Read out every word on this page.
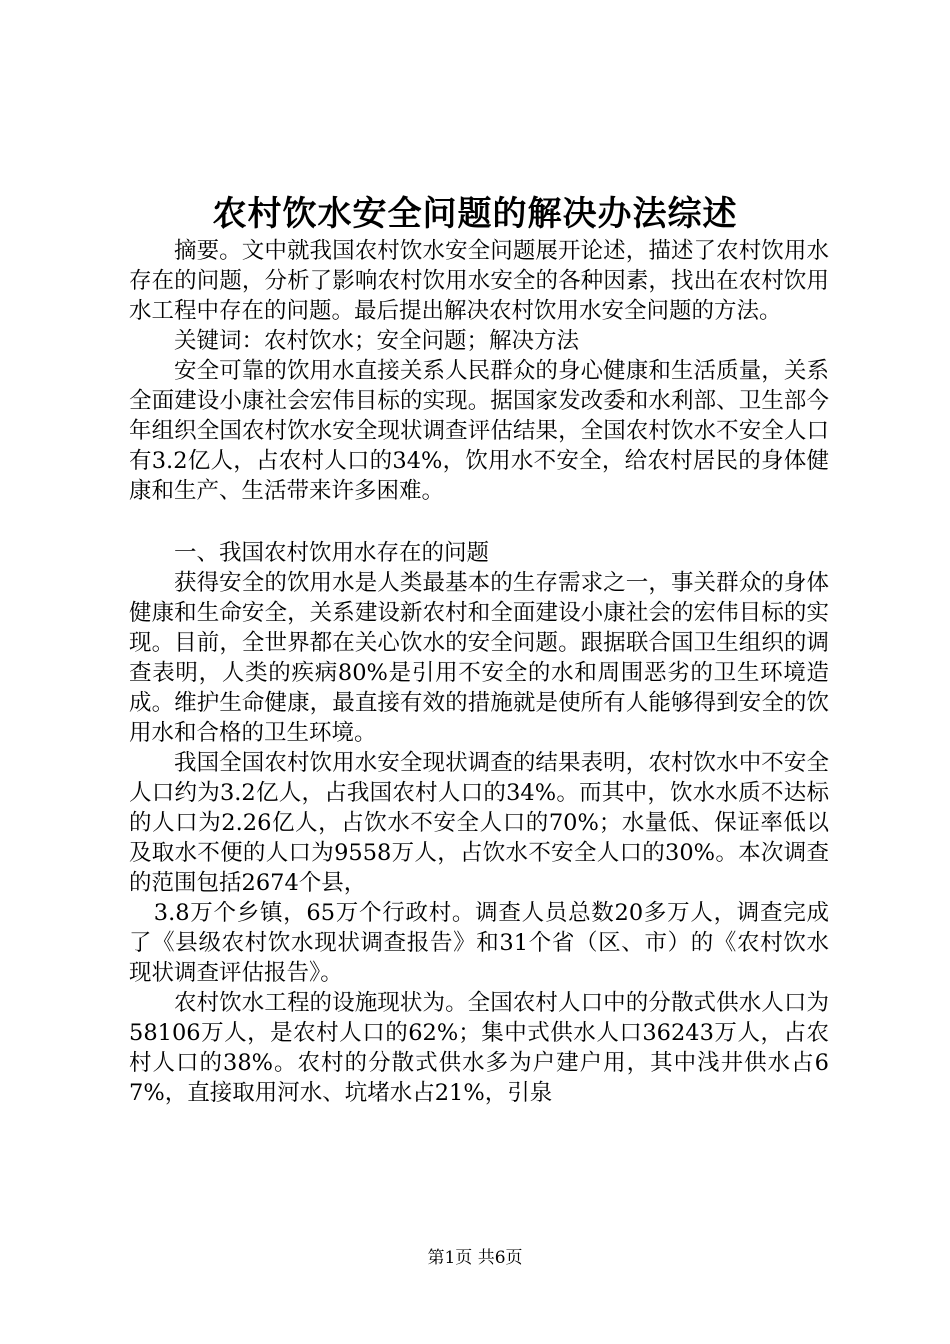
农村饮水安全问题的解决办法综述

摘要。文中就我国农村饮水安全问题展开论述，描述了农村饮用水存在的问题，分析了影响农村饮用水安全的各种因素，找出在农村饮用水工程中存在的问题。最后提出解决农村饮用水安全问题的方法。

关键词：农村饮水；安全问题；解决方法

安全可靠的饮用水直接关系人民群众的身心健康和生活质量，关系全面建设小康社会宏伟目标的实现。据国家发改委和水利部、卫生部今年组织全国农村饮水安全现状调查评估结果，全国农村饮水不安全人口有3.2亿人，占农村人口的34%，饮用水不安全，给农村居民的身体健康和生产、生活带来许多困难。

一、我国农村饮用水存在的问题

获得安全的饮用水是人类最基本的生存需求之一，事关群众的身体健康和生命安全，关系建设新农村和全面建设小康社会的宏伟目标的实现。目前，全世界都在关心饮水的安全问题。跟据联合国卫生组织的调查表明，人类的疾病80%是引用不安全的水和周围恶劣的卫生环境造成。维护生命健康，最直接有效的措施就是使所有人能够得到安全的饮用水和合格的卫生环境。

我国全国农村饮用水安全现状调查的结果表明，农村饮水中不安全人口约为3.2亿人，占我国农村人口的34%。而其中，饮水水质不达标的人口为2.26亿人，占饮水不安全人口的70%；水量低、保证率低以及取水不便的人口为9558万人，占饮水不安全人口的30%。本次调查的范围包括2674个县，

3.8万个乡镇，65万个行政村。调查人员总数20多万人，调查完成了《县级农村饮水现状调查报告》和31个省（区、市）的《农村饮水现状调查评估报告》。

农村饮水工程的设施现状为。全国农村人口中的分散式供水人口为58106万人，是农村人口的62%；集中式供水人口36243万人，占农村人口的38%。农村的分散式供水多为户建户用，其中浅井供水占67%，直接取用河水、坑堵水占21%，引泉

第1页 共6页
